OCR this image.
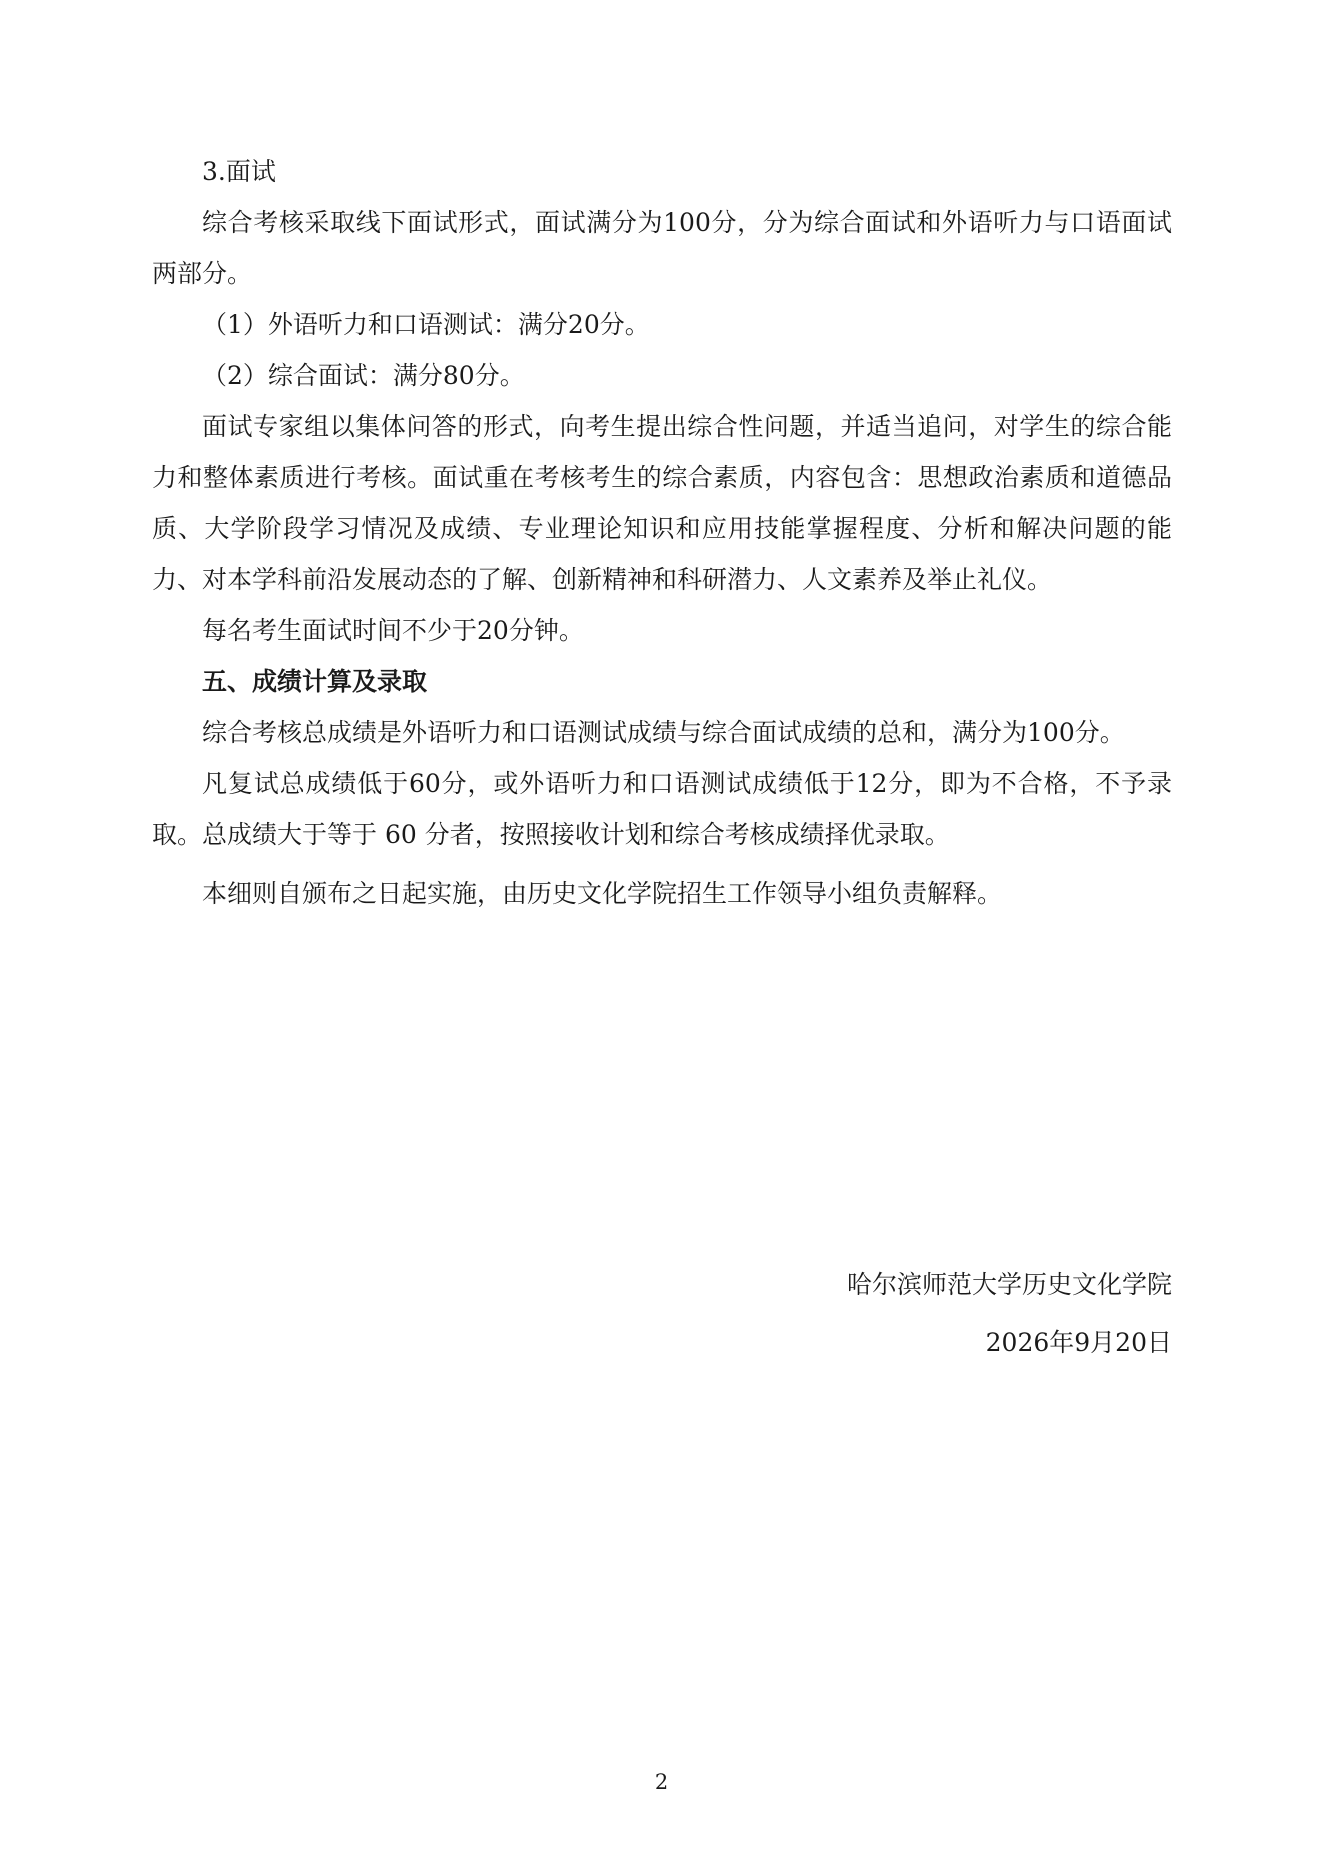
3.面试

综合考核采取线下面试形式，面试满分为100分，分为综合面试和外语听力与口语面试两部分。

（1）外语听力和口语测试：满分20分。

（2）综合面试：满分80分。

面试专家组以集体问答的形式，向考生提出综合性问题，并适当追问，对学生的综合能力和整体素质进行考核。面试重在考核考生的综合素质，内容包含：思想政治素质和道德品质、大学阶段学习情况及成绩、专业理论知识和应用技能掌握程度、分析和解决问题的能力、对本学科前沿发展动态的了解、创新精神和科研潜力、人文素养及举止礼仪。

每名考生面试时间不少于20分钟。

五、成绩计算及录取

综合考核总成绩是外语听力和口语测试成绩与综合面试成绩的总和，满分为100分。

凡复试总成绩低于60分，或外语听力和口语测试成绩低于12分，即为不合格，不予录取。总成绩大于等于 60 分者，按照接收计划和综合考核成绩择优录取。

本细则自颁布之日起实施，由历史文化学院招生工作领导小组负责解释。

哈尔滨师范大学历史文化学院
2026年9月20日
2
